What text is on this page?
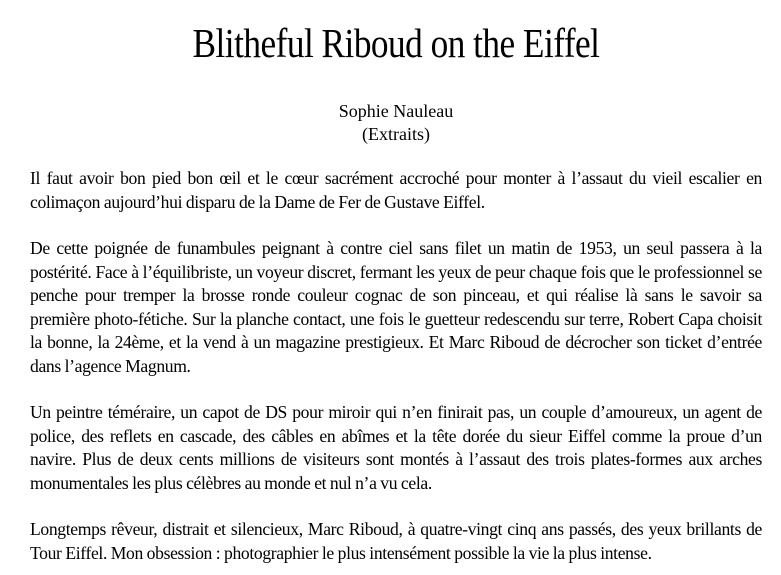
Blitheful Riboud on the Eiffel
Sophie Nauleau
(Extraits)

Il faut avoir bon pied bon œil et le cœur sacrément accroché pour monter à l’assaut du vieil escalier en colimaçon aujourd’hui disparu de la Dame de Fer de Gustave Eiffel.

De cette poignée de funambules peignant à contre ciel sans filet un matin de 1953, un seul passera à la postérité. Face à l’équilibriste, un voyeur discret, fermant les yeux de peur chaque fois que le professionnel se penche pour tremper la brosse ronde couleur cognac de son pinceau, et qui réalise là sans le savoir sa première photo-fétiche. Sur la planche contact, une fois le guetteur redescendu sur terre, Robert Capa choisit la bonne, la 24ème, et la vend à un magazine prestigieux. Et Marc Riboud de décrocher son ticket d’entrée dans l’agence Magnum.

Un peintre téméraire, un capot de DS pour miroir qui n’en finirait pas, un couple d’amoureux, un agent de police, des reflets en cascade, des câbles en abîmes et la tête dorée du sieur Eiffel comme la proue d’un navire. Plus de deux cents millions de visiteurs sont montés à l’assaut des trois plates-formes aux arches monumentales les plus célèbres au monde et nul n’a vu cela.

Longtemps rêveur, distrait et silencieux, Marc Riboud, à quatre-vingt cinq ans passés, des yeux brillants de Tour Eiffel. Mon obsession : photographier le plus intensément possible la vie la plus intense.
